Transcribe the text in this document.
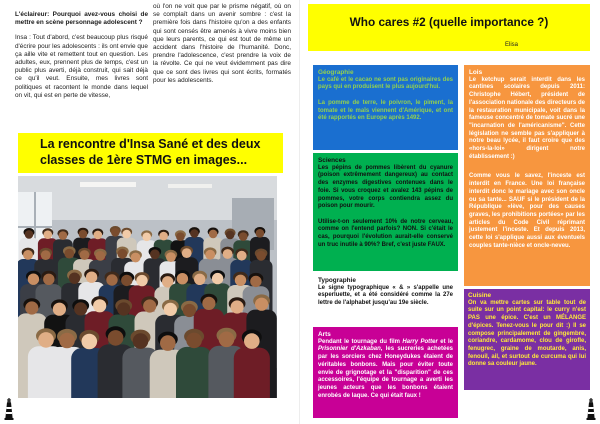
L'éclaireur: Pourquoi avez-vous choisi de mettre en scène personnage adolescent ?
Insa : Tout d'abord, c'est beaucoup plus risqué d'écrire pour les adolescents : ils ont envie que ça aille vite et remettent tout en question. Les adultes, eux, prennent plus de temps, c'est un public plus averti, déjà construit, qui sait déjà ce qu'il veut. Ensuite, mes livres sont politiques et racontent le monde dans lequel on vit, qui est en perte de vitesse,
où l'on ne voit que par le prisme négatif, où on se complaît dans un avenir sombre : c'est la première fois dans l'histoire qu'on a des enfants qui sont censés être amenés à vivre moins bien que leurs parents, ce qui est tout de même un accident dans l'histoire de l'humanité. Donc, prendre l'adolescence, c'est prendre la voix de la révolte. Ce qui ne veut évidemment pas dire que ce sont des livres qui sont écrits, formatés pour les adolescents.
La rencontre d'Insa Sané et des deux classes de 1ère STMG en images...
Who cares #2 (quelle importance ?)
Elisa
Géographie
Le café et le cacao ne sont pas originaires des pays qui en produisent le plus aujourd'hui.
La pomme de terre, le poivron, le piment, la tomate et le maïs viennent d'Amérique, et ont été rapportés en Europe après 1492.
Sciences
Les pépins de pommes libèrent du cyanure (poison extrêmement dangereux) au contact des enzymes digestives contenues dans le foie. Si vous croquez et avalez 143 pépins de pommes, votre corps contiendra assez du poison pour mourir.
Utilise-t-on seulement 10% de notre cerveau, comme on l'entend parfois? NON. Si c'était le cas, pourquoi l'évolution aurait-elle conservé un truc inutile à 90%? Bref, c'est juste FAUX.
Typographie
Le signe typographique « & » s'appelle une esperluette, et a été considéré comme la 27e lettre de l'alphabet jusqu'au 19e siècle.
Arts
Pendant le tournage du film Harry Potter et le Prisonnier d'Azkaban, les sucreries achetées par les sorciers chez Honeydukes étaient de véritables bonbons. Mais pour éviter toute envie de grignotage et la "disparition" de ces accessoires, l'équipe de tournage a averti les jeunes acteurs que les bonbons étaient enrobés de laque. Ce qui était faux !
Lois
Le ketchup serait interdit dans les cantines scolaires depuis 2011: Christophe Hébert, président de l'association nationale des directeurs de la restauration municipale, voit dans la fameuse concentré de tomate sucré une "incarnation de l'américanisme". Cette législation ne semble pas s'appliquer à notre beau lycée, il faut croire que des «hors-la-loi» dirigent notre établissement :)
Comme vous le savez, l'inceste est interdit en France. Une loi française interdit donc le mariage avec son oncle ou sa tante... SAUF si le président de la République «lève, pour des causes graves, les prohibitions portées» par les articles du Code Civil réprimant justement l'inceste. Et depuis 2013, cette loi s'applique aussi aux éventuels couples tante-nièce et oncle-neveu.
Cuisine
On va mettre cartes sur table tout de suite sur un point capital: le curry n'est PAS une épice. C'est un MÉLANGE d'épices. Tenez-vous le pour dit :) Il se compose principalement de gingembre, coriandre, cardamome, clou de girofle, fenugrec, graine de moutarde, anis, fenouil, ail, et surtout de curcuma qui lui donne sa couleur jaune.
